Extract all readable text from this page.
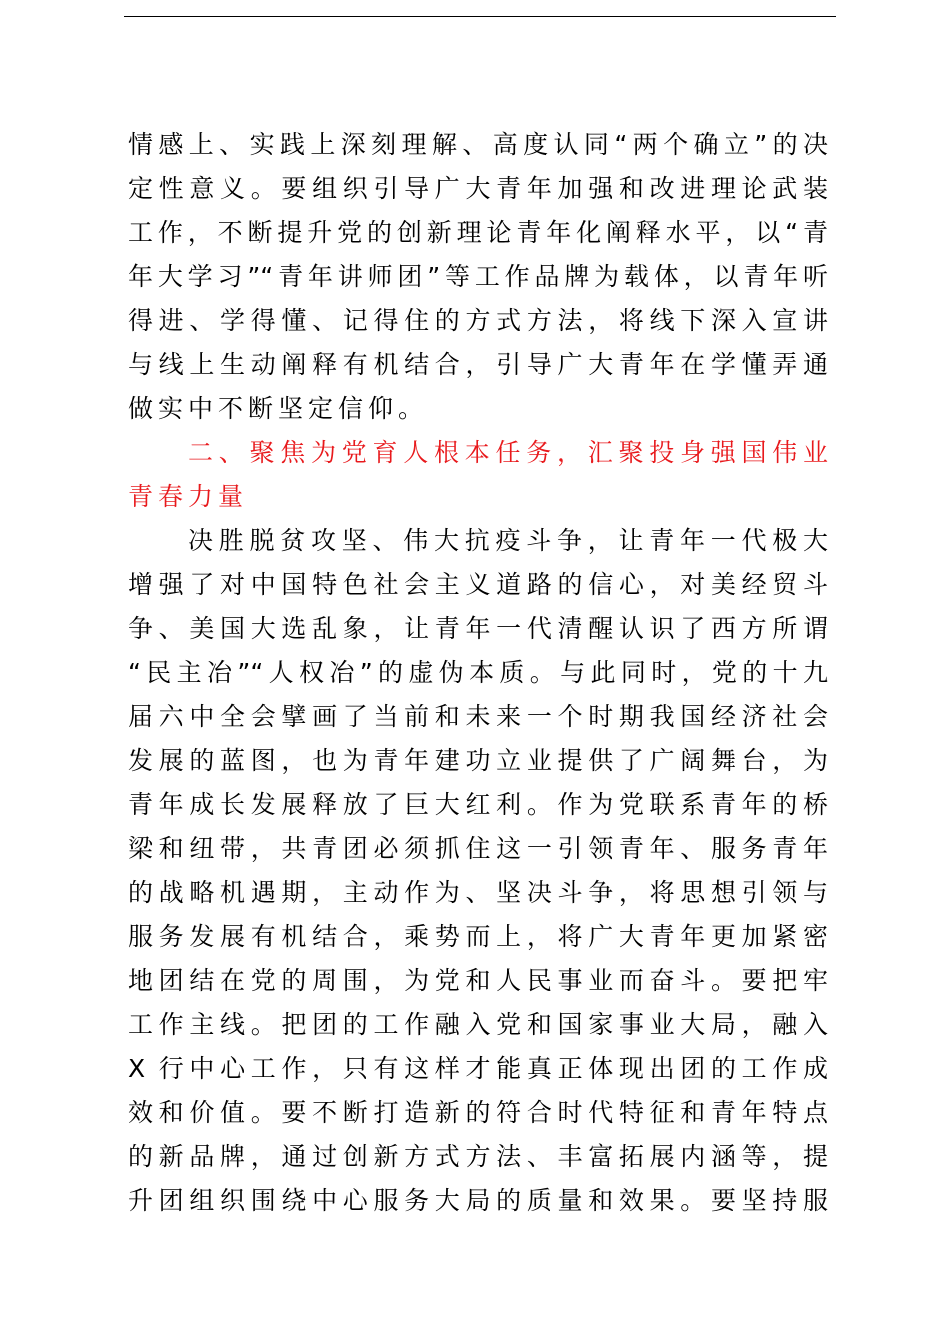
情感上、实践上深刻理解、高度认同“两个确立”的决
定性意义。要组织引导广大青年加强和改进理论武装
工作，不断提升党的创新理论青年化阐释水平，以“青
年大学习”“青年讲师团”等工作品牌为载体，以青年听
得进、学得懂、记得住的方式方法，将线下深入宣讲
与线上生动阐释有机结合，引导广大青年在学懂弄通
做实中不断坚定信仰。
二、聚焦为党育人根本任务，汇聚投身强国伟业
青春力量
决胜脱贫攻坚、伟大抗疫斗争，让青年一代极大
增强了对中国特色社会主义道路的信心，对美经贸斗
争、美国大选乱象，让青年一代清醒认识了西方所谓
“民主冶”“人权冶”的虚伪本质。与此同时，党的十九
届六中全会擘画了当前和未来一个时期我国经济社会
发展的蓝图，也为青年建功立业提供了广阔舞台，为
青年成长发展释放了巨大红利。作为党联系青年的桥
梁和纽带，共青团必须抓住这一引领青年、服务青年
的战略机遇期，主动作为、坚决斗争，将思想引领与
服务发展有机结合，乘势而上，将广大青年更加紧密
地团结在党的周围，为党和人民事业而奋斗。要把牢
工作主线。把团的工作融入党和国家事业大局，融入
X 行中心工作，只有这样才能真正体现出团的工作成
效和价值。要不断打造新的符合时代特征和青年特点
的新品牌，通过创新方式方法、丰富拓展内涵等，提
升团组织围绕中心服务大局的质量和效果。要坚持服
